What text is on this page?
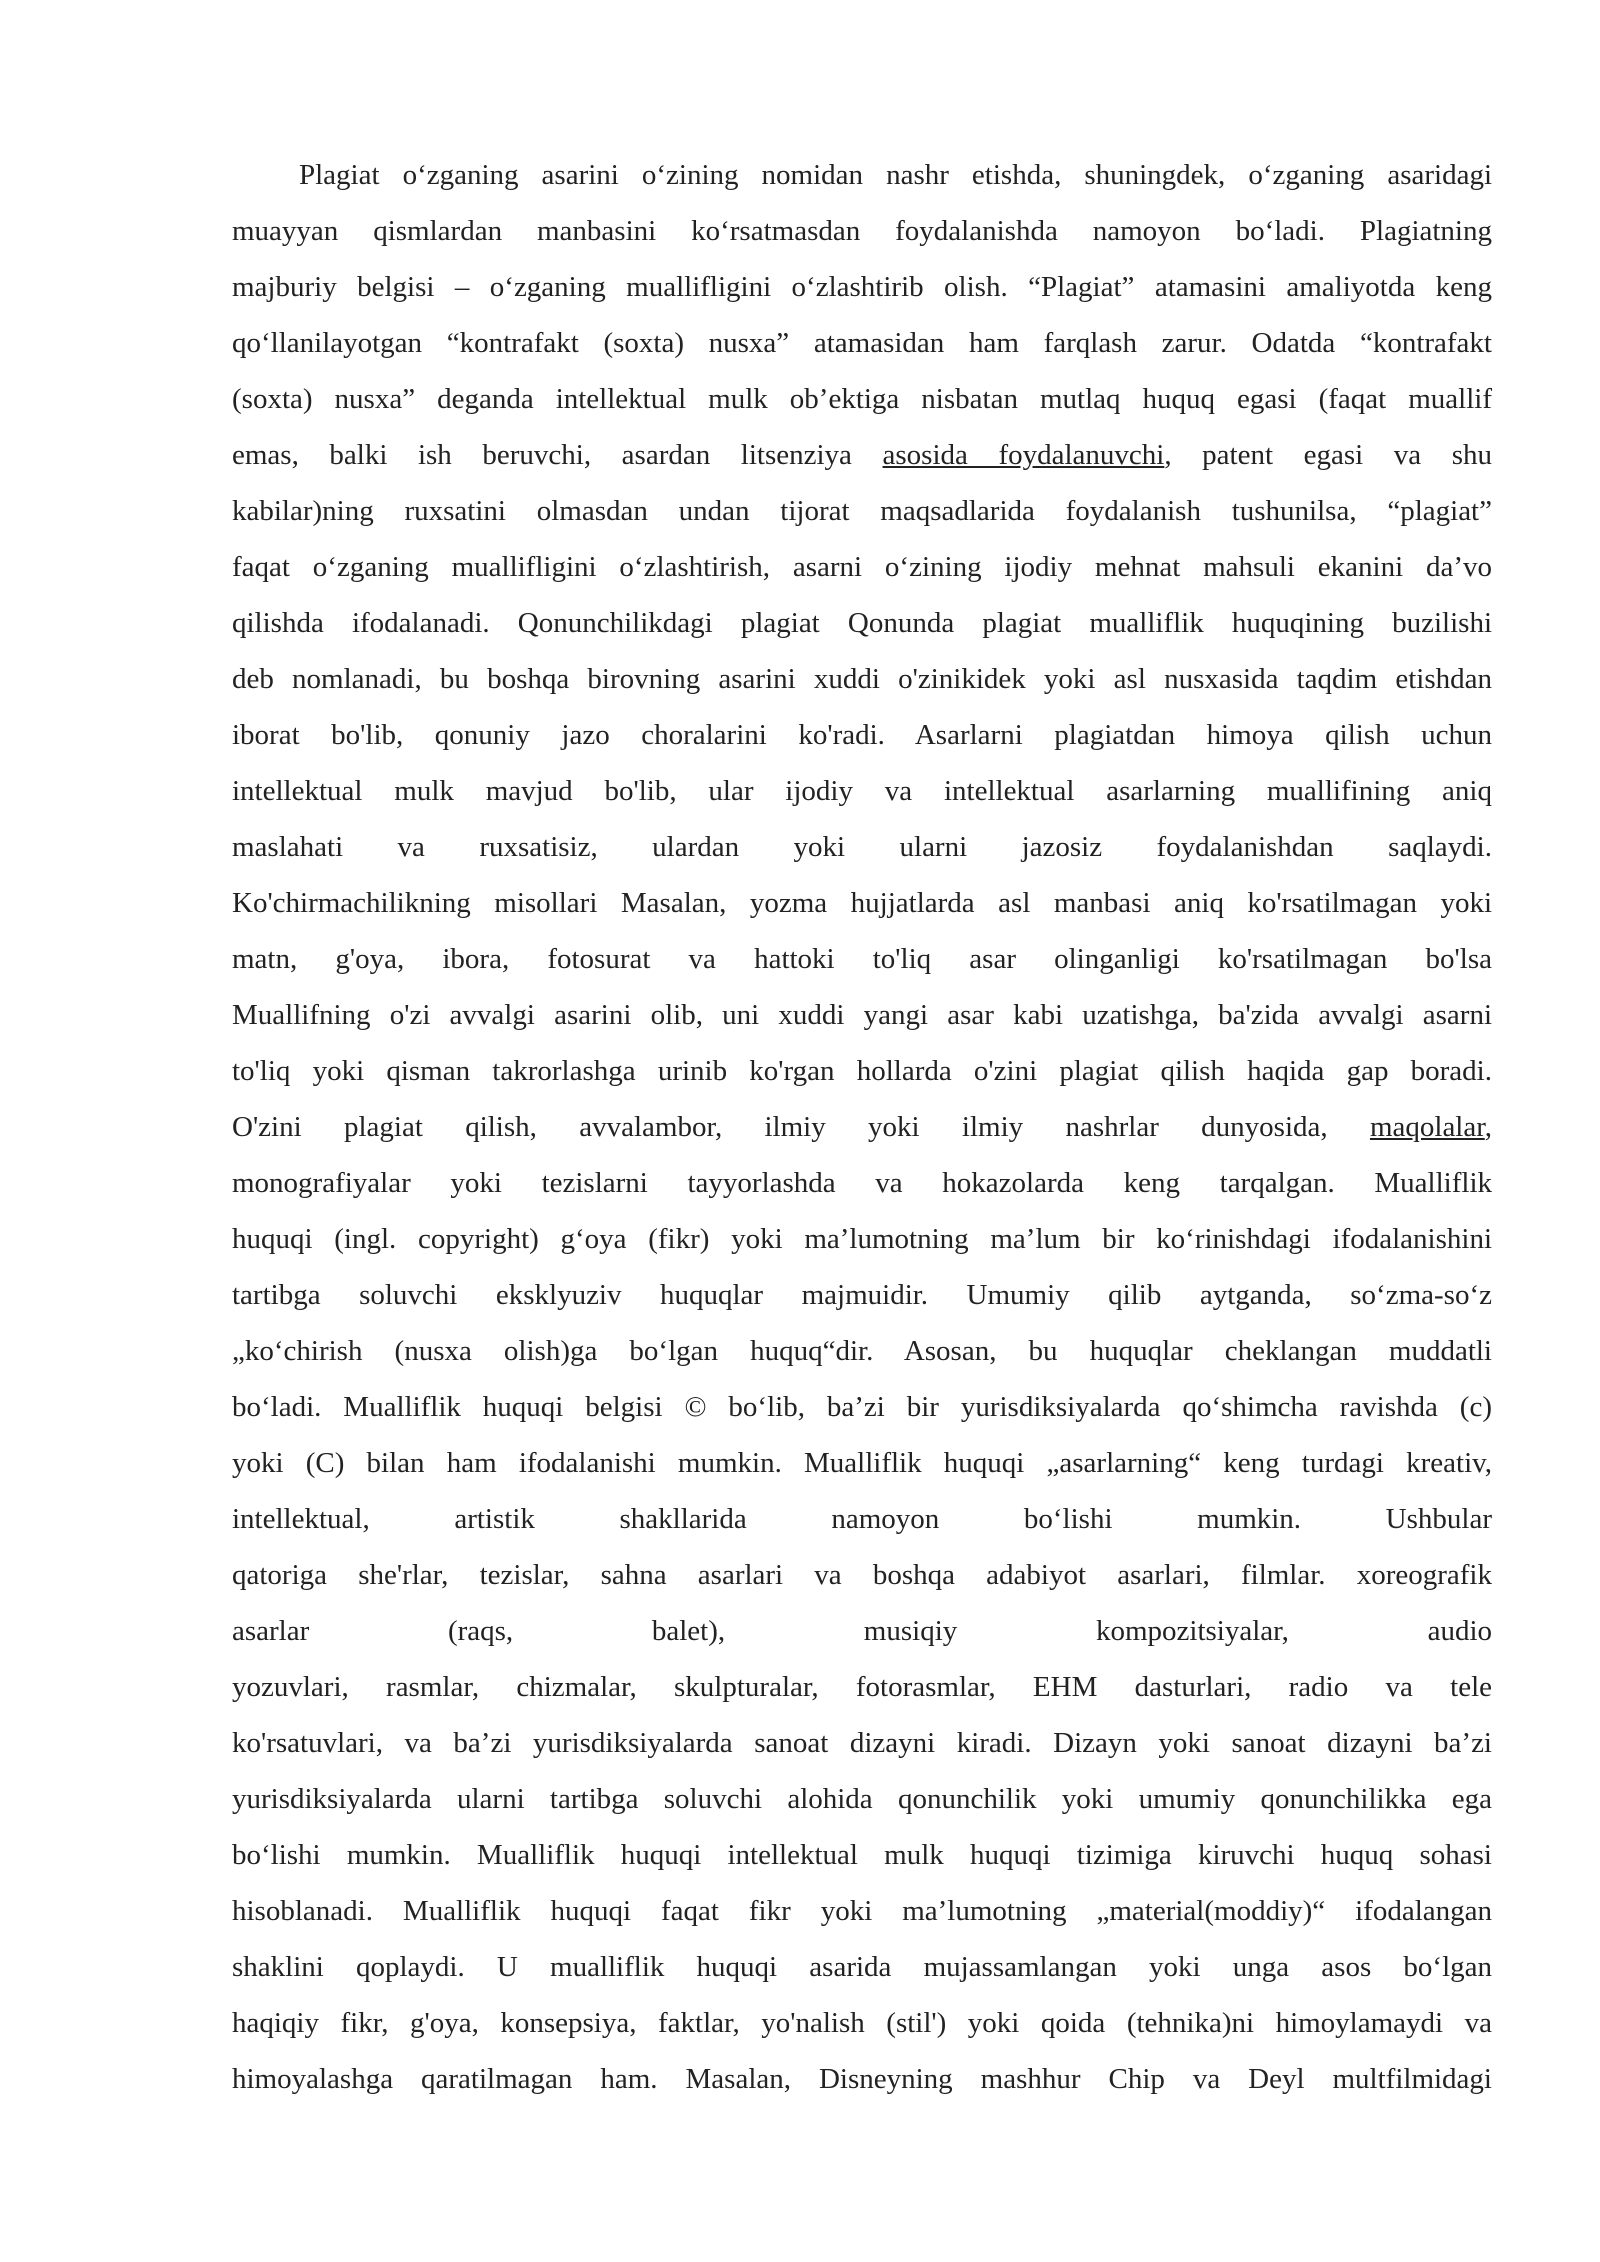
Plagiat o‘zganing asarini o‘zining nomidan nashr etishda, shuningdek, o‘zganing asaridagi
muayyan qismlardan manbasini ko‘rsatmasdan foydalanishda namoyon bo‘ladi. Plagiatning
majburiy belgisi – o‘zganing muallifligini o‘zlashtirib olish. “Plagiat” atamasini amaliyotda keng
qo‘llanilayotgan “kontrafakt (soxta) nusxa” atamasidan ham farqlash zarur. Odatda “kontrafakt
(soxta) nusxa” deganda intellektual mulk ob’ektiga nisbatan mutlaq huquq egasi (faqat muallif
emas, balki ish beruvchi, asardan litsenziya asosida foydalanuvchi, patent egasi va shu
kabilar)ning ruxsatini olmasdan undan tijorat maqsadlarida foydalanish tushunilsa, “plagiat”
faqat o‘zganing muallifligini o‘zlashtirish, asarni o‘zining ijodiy mehnat mahsuli ekanini da’vo
qilishda ifodalanadi. Qonunchilikdagi plagiat Qonunda plagiat mualliflik huquqining buzilishi
deb nomlanadi, bu boshqa birovning asarini xuddi o'zinikidek yoki asl nusxasida taqdim etishdan
iborat bo'lib, qonuniy jazo choralarini ko'radi. Asarlarni plagiatdan himoya qilish uchun
intellektual mulk mavjud bo'lib, ular ijodiy va intellektual asarlarning muallifining aniq
maslahati va ruxsatisiz, ulardan yoki ularni jazosiz foydalanishdan saqlaydi.
Ko'chirmachilikning misollari Masalan, yozma hujjatlarda asl manbasi aniq ko'rsatilmagan yoki
matn, g'oya, ibora, fotosurat va hattoki to'liq asar olinganligi ko'rsatilmagan bo'lsa
Muallifning o'zi avvalgi asarini olib, uni xuddi yangi asar kabi uzatishga, ba'zida avvalgi asarni
to'liq yoki qisman takrorlashga urinib ko'rgan hollarda o'zini plagiat qilish haqida gap boradi.
O'zini plagiat qilish, avvalambor, ilmiy yoki ilmiy nashrlar dunyosida, maqolalar,
monografiyalar yoki tezislarni tayyorlashda va hokazolarda keng tarqalgan. Mualliflik
huquqi (ingl. copyright) g‘oya (fikr) yoki ma’lumotning ma’lum bir ko‘rinishdagi ifodalanishini
tartibga soluvchi eksklyuziv huquqlar majmuidir. Umumiy qilib aytganda, so‘zma-so‘z
„ko‘chirish (nusxa olish)ga bo‘lgan huquq“dir. Asosan, bu huquqlar cheklangan muddatli
bo‘ladi. Mualliflik huquqi belgisi © bo‘lib, ba’zi bir yurisdiksiyalarda qo‘shimcha ravishda (c)
yoki (C) bilan ham ifodalanishi mumkin. Mualliflik huquqi „asarlarning“ keng turdagi kreativ,
intellektual, artistik shakllarida namoyon bo‘lishi mumkin. Ushbular
qatoriga she'rlar, tezislar, sahna asarlari va boshqa adabiyot asarlari, filmlar. xoreografik
asarlar (raqs, balet), musiqiy kompozitsiyalar, audio
yozuvlari, rasmlar, chizmalar, skulpturalar, fotorasmlar, EHM dasturlari, radio va tele
ko'rsatuvlari, va ba’zi yurisdiksiyalarda sanoat dizayni kiradi. Dizayn yoki sanoat dizayni ba’zi
yurisdiksiyalarda ularni tartibga soluvchi alohida qonunchilik yoki umumiy qonunchilikka ega
bo‘lishi mumkin. Mualliflik huquqi intellektual mulk huquqi tizimiga kiruvchi huquq sohasi
hisoblanadi. Mualliflik huquqi faqat fikr yoki ma’lumotning „material(moddiy)“ ifodalangan
shaklini qoplaydi. U mualliflik huquqi asarida mujassamlangan yoki unga asos bo‘lgan
haqiqiy fikr, g'oya, konsepsiya, faktlar, yo'nalish (stil') yoki qoida (tehnika)ni himoylamaydi va
himoyalashga qaratilmagan ham. Masalan, Disneyning mashhur Chip va Deyl multfilmidagi
